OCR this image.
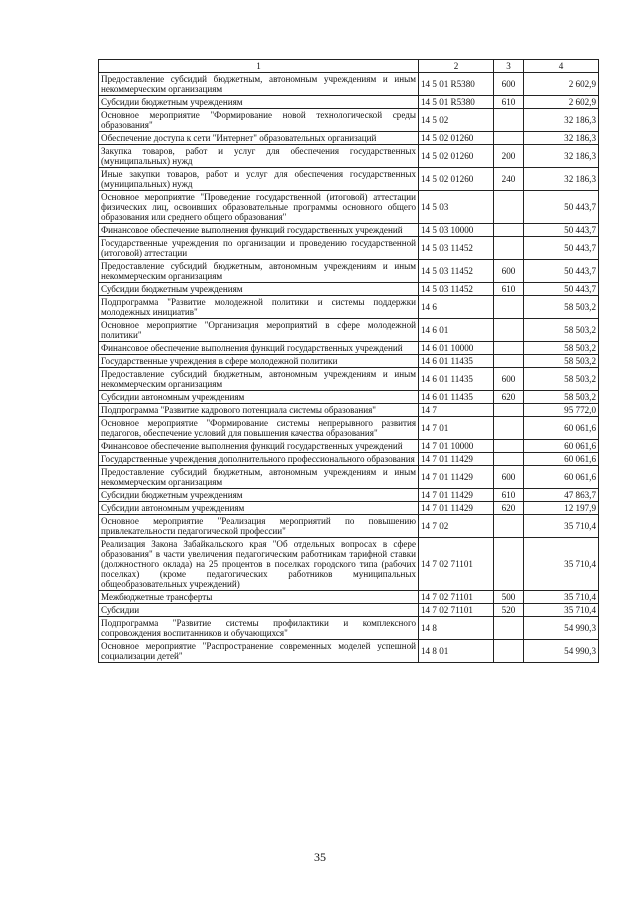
1	2	3	4
Предоставление субсидий бюджетным, автономным учреждениям и иным некоммерческим организациям	14 5 01 R5380	600	2 602,9
Субсидии бюджетным учреждениям	14 5 01 R5380	610	2 602,9
Основное мероприятие "Формирование новой технологической среды образования"	14 5 02		32 186,3
Обеспечение доступа к сети "Интернет" образовательных организаций	14 5 02 01260		32 186,3
Закупка товаров, работ и услуг для обеспечения государственных (муниципальных) нужд	14 5 02 01260	200	32 186,3
Иные закупки товаров, работ и услуг для обеспечения государственных (муниципальных) нужд	14 5 02 01260	240	32 186,3
Основное мероприятие "Проведение государственной (итоговой) аттестации физических лиц, освоивших образовательные программы основного общего образования или среднего общего образования"	14 5 03		50 443,7
Финансовое обеспечение выполнения функций государственных учреждений	14 5 03 10000		50 443,7
Государственные учреждения по организации и проведению государственной (итоговой) аттестации	14 5 03 11452		50 443,7
Предоставление субсидий бюджетным, автономным учреждениям и иным некоммерческим организациям	14 5 03 11452	600	50 443,7
Субсидии бюджетным учреждениям	14 5 03 11452	610	50 443,7
Подпрограмма "Развитие молодежной политики и системы поддержки молодежных инициатив"	14 6		58 503,2
Основное мероприятие "Организация мероприятий в сфере молодежной политики"	14 6 01		58 503,2
Финансовое обеспечение выполнения функций государственных учреждений	14 6 01 10000		58 503,2
Государственные учреждения в сфере молодежной политики	14 6 01 11435		58 503,2
Предоставление субсидий бюджетным, автономным учреждениям и иным некоммерческим организациям	14 6 01 11435	600	58 503,2
Субсидии автономным учреждениям	14 6 01 11435	620	58 503,2
Подпрограмма "Развитие кадрового потенциала системы образования"	14 7		95 772,0
Основное мероприятие "Формирование системы непрерывного развития педагогов, обеспечение условий для повышения качества образования"	14 7 01		60 061,6
Финансовое обеспечение выполнения функций государственных учреждений	14 7 01 10000		60 061,6
Государственные учреждения дополнительного профессионального образования	14 7 01 11429		60 061,6
Предоставление субсидий бюджетным, автономным учреждениям и иным некоммерческим организациям	14 7 01 11429	600	60 061,6
Субсидии бюджетным учреждениям	14 7 01 11429	610	47 863,7
Субсидии автономным учреждениям	14 7 01 11429	620	12 197,9
Основное мероприятие "Реализация мероприятий по повышению привлекательности педагогической профессии"	14 7 02		35 710,4
Реализация Закона Забайкальского края "Об отдельных вопросах в сфере образования" в части увеличения педагогическим работникам тарифной ставки (должностного оклада) на 25 процентов в поселках городского типа (рабочих поселках) (кроме педагогических работников муниципальных общеобразовательных учреждений)	14 7 02 71101		35 710,4
Межбюджетные трансферты	14 7 02 71101	500	35 710,4
Субсидии	14 7 02 71101	520	35 710,4
Подпрограмма "Развитие системы профилактики и комплексного сопровождения воспитанников и обучающихся"	14 8		54 990,3
Основное мероприятие "Распространение современных моделей успешной социализации детей"	14 8 01		54 990,3
35
